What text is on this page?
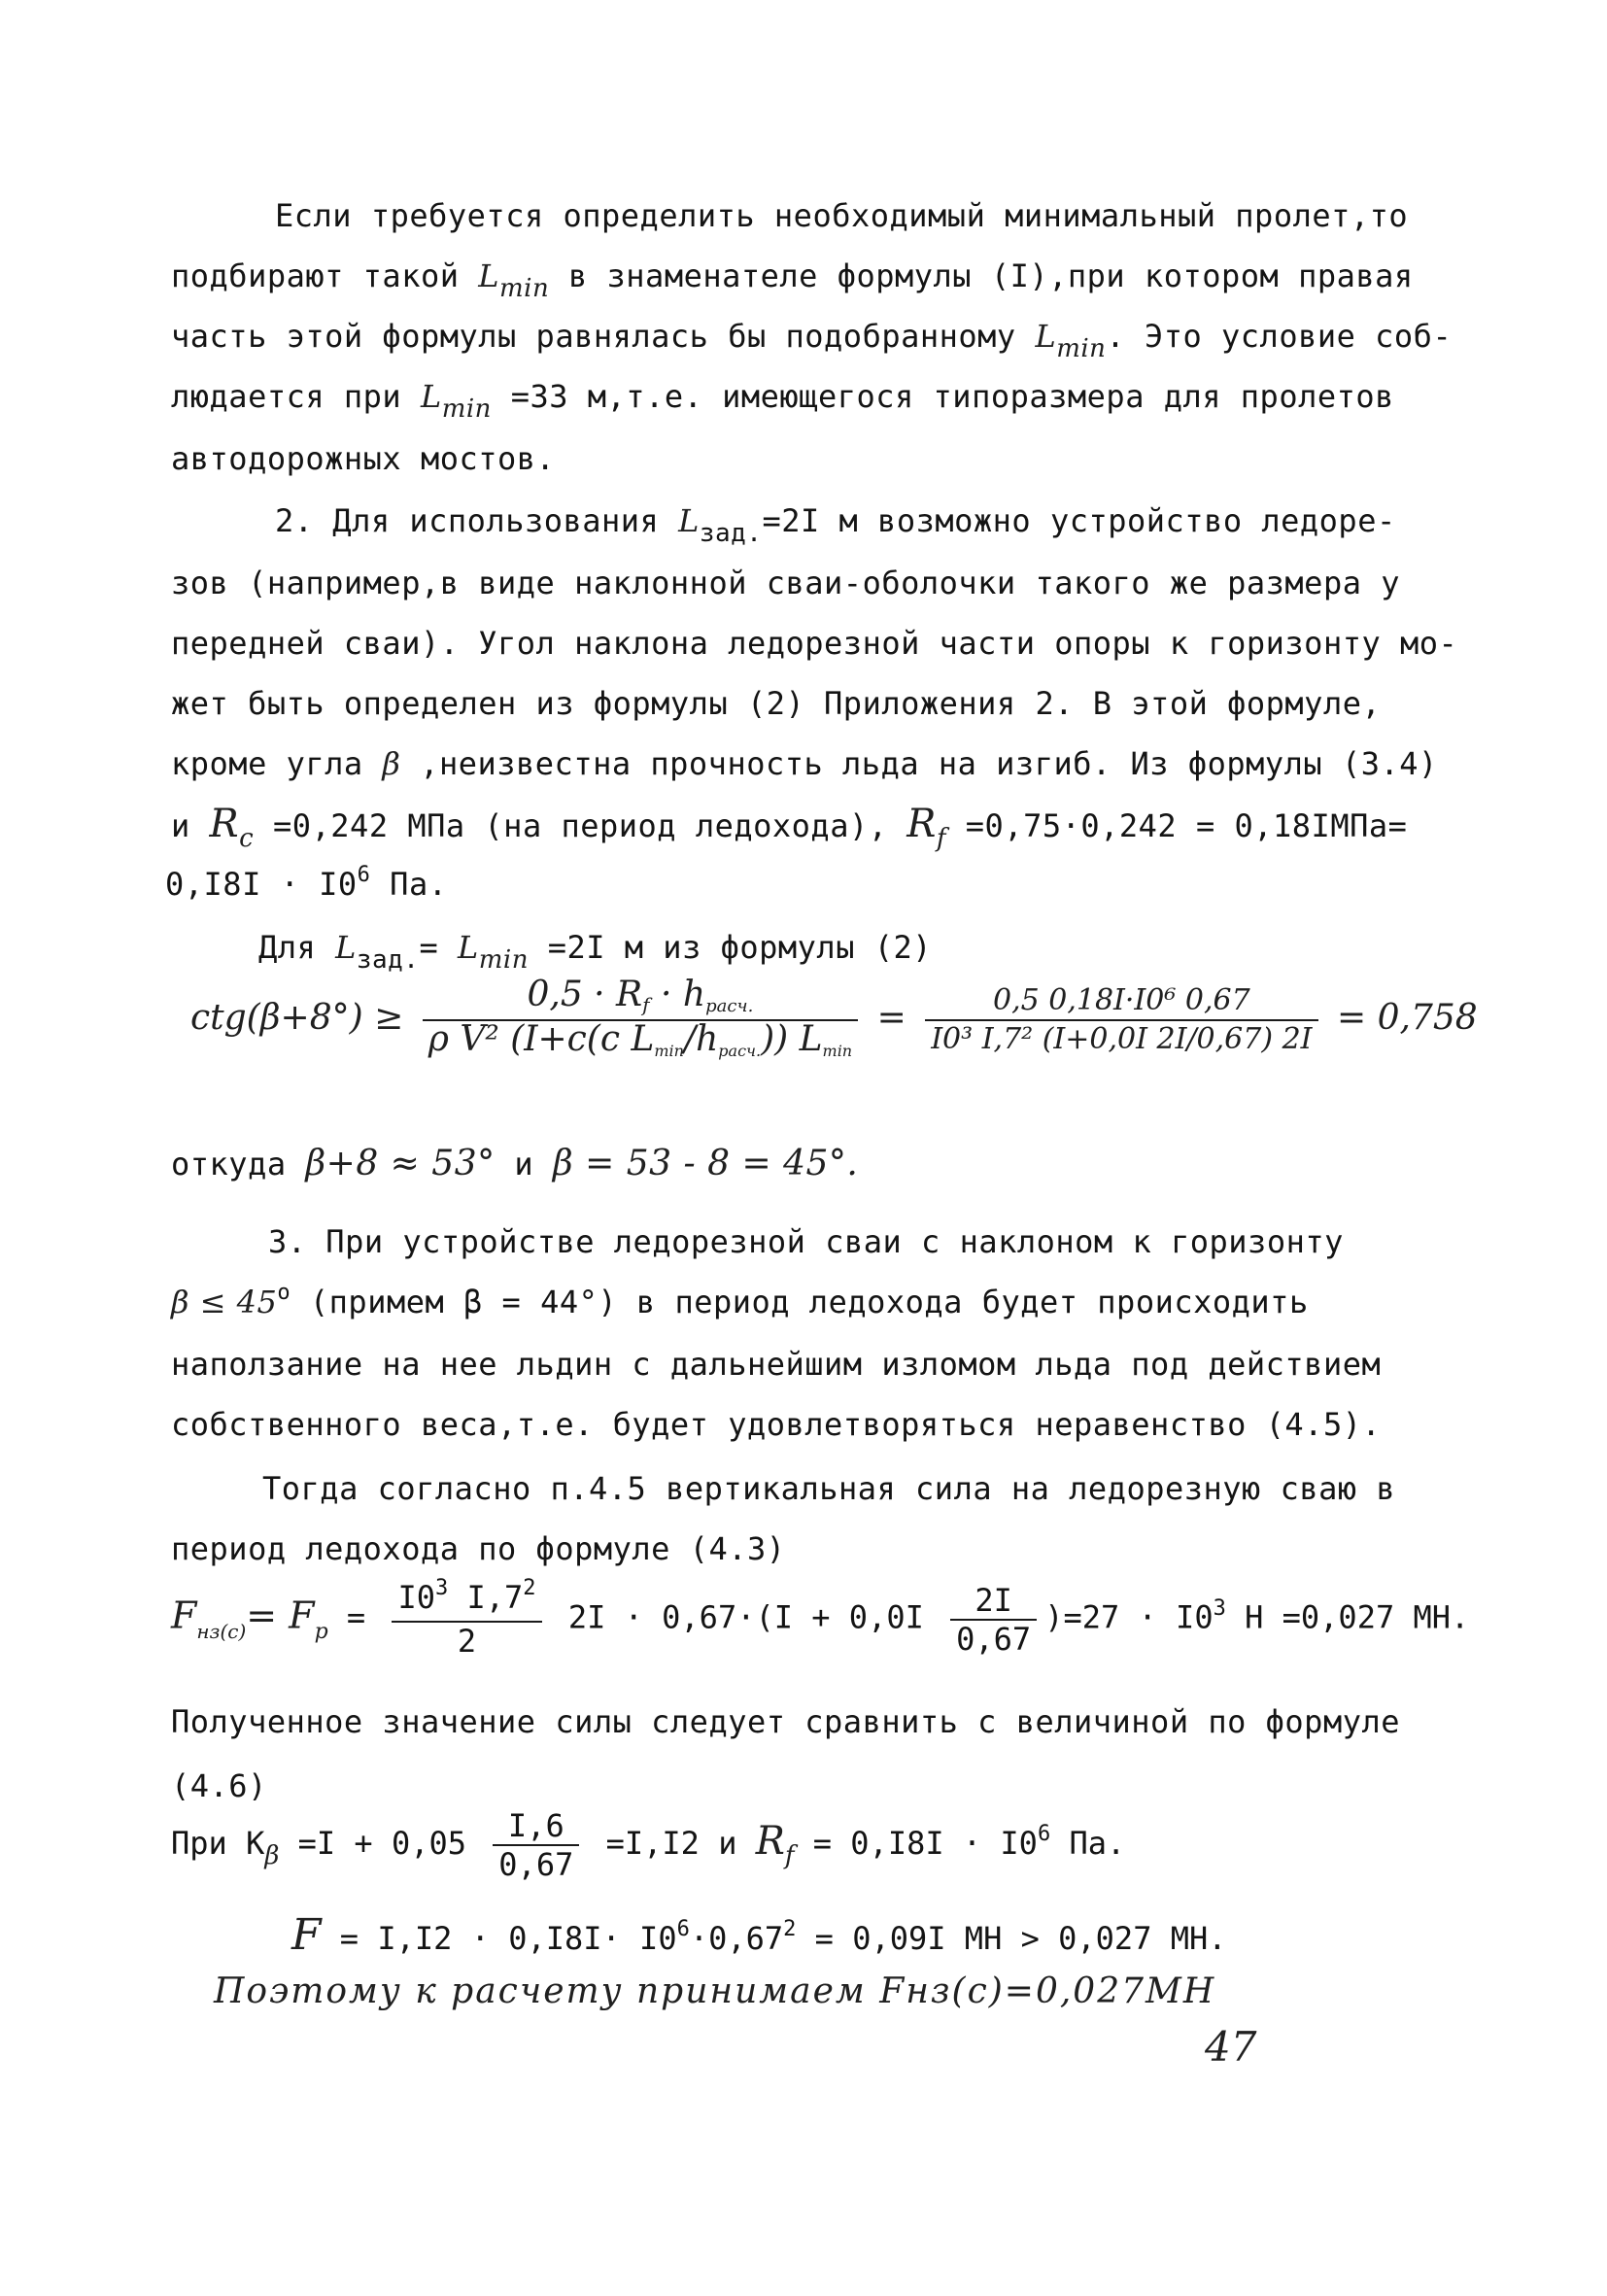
Если требуется определить необходимый минимальный пролет,то
подбирают такой $L_{min}$ в знаменателе формулы (I),при котором правая
часть этой формулы равнялась бы подобранному $L_{min}$. Это условие соб-
людается при $L_{min} =33$ м,т.е. имеющегося типоразмера для пролетов
автодорожных мостов.
2. Для использования $L_{зад.}=2I$ м возможно устройство ледоре-
зов (например,в виде наклонной сваи-оболочки такого же размера у
передней сваи). Угол наклона ледорезной части опоры к горизонту мо-
жет быть определен из формулы (2) Приложения 2. В этой формуле,
кроме угла β ,неизвестна прочность льда на изгиб. Из формулы (3.4)
и $R_c =0,242$ МПа (на период ледохода), $R_f =0,75\cdot 0,242$ = 0,18IМПа=
$0,I8I \cdot I0^6$ Па.
Для $L_{зад.}= L_{min} =2I$ м из формулы (2)
$ctg(\beta+8^\circ) \ge \frac{\text{0,5 · Rf · hраcч.}}{\text{ρ V² (I+c(c Lmin/hраcч.)) Lmin}} = \frac{\text{0,5 0,18I·I0⁶ 0,67}}{\text{I0³ I,7² (I+0,0I 2I/0,67) 2I}} = 0,758$
откуда β+8 ≈ 53° и β = 53 - 8 = 45°.
3. При устройстве ледорезной сваи с наклоном к горизонту
$\beta \le 45^o$ (примем β = 44°) в период ледохода будет происходить
наползание на нее льдин с дальнейшим изломом льда под действием
собственного веса,т.е. будет удовлетворяться неравенство (4.5).
Тогда согласно п.4.5 вертикальная сила на ледорезную сваю в
период ледохода по формуле (4.3)
$F_{нз(с)}= F_р = \frac{I0^3 I,7^2}{2} 2I \cdot 0,67\cdot(I + 0,0I \frac{2I}{0,67} )=27 \cdot I0^3$ Н =0,027 МН.
Полученное значение силы следует сравнить с величиной по формуле
(4.6)
При $К_\beta =I + 0,05 \frac{I,6}{0,67} =I,I2$ и $R_f = 0,I8I \cdot I0^6$ Па.
$F = I,I2 \cdot 0,I8I\cdot I0^6\cdot 0,67^2 = 0,09I$ МН > 0,027 МН.
Поэтому к расчету принимаем Fнз(с)=0,027МН
47
